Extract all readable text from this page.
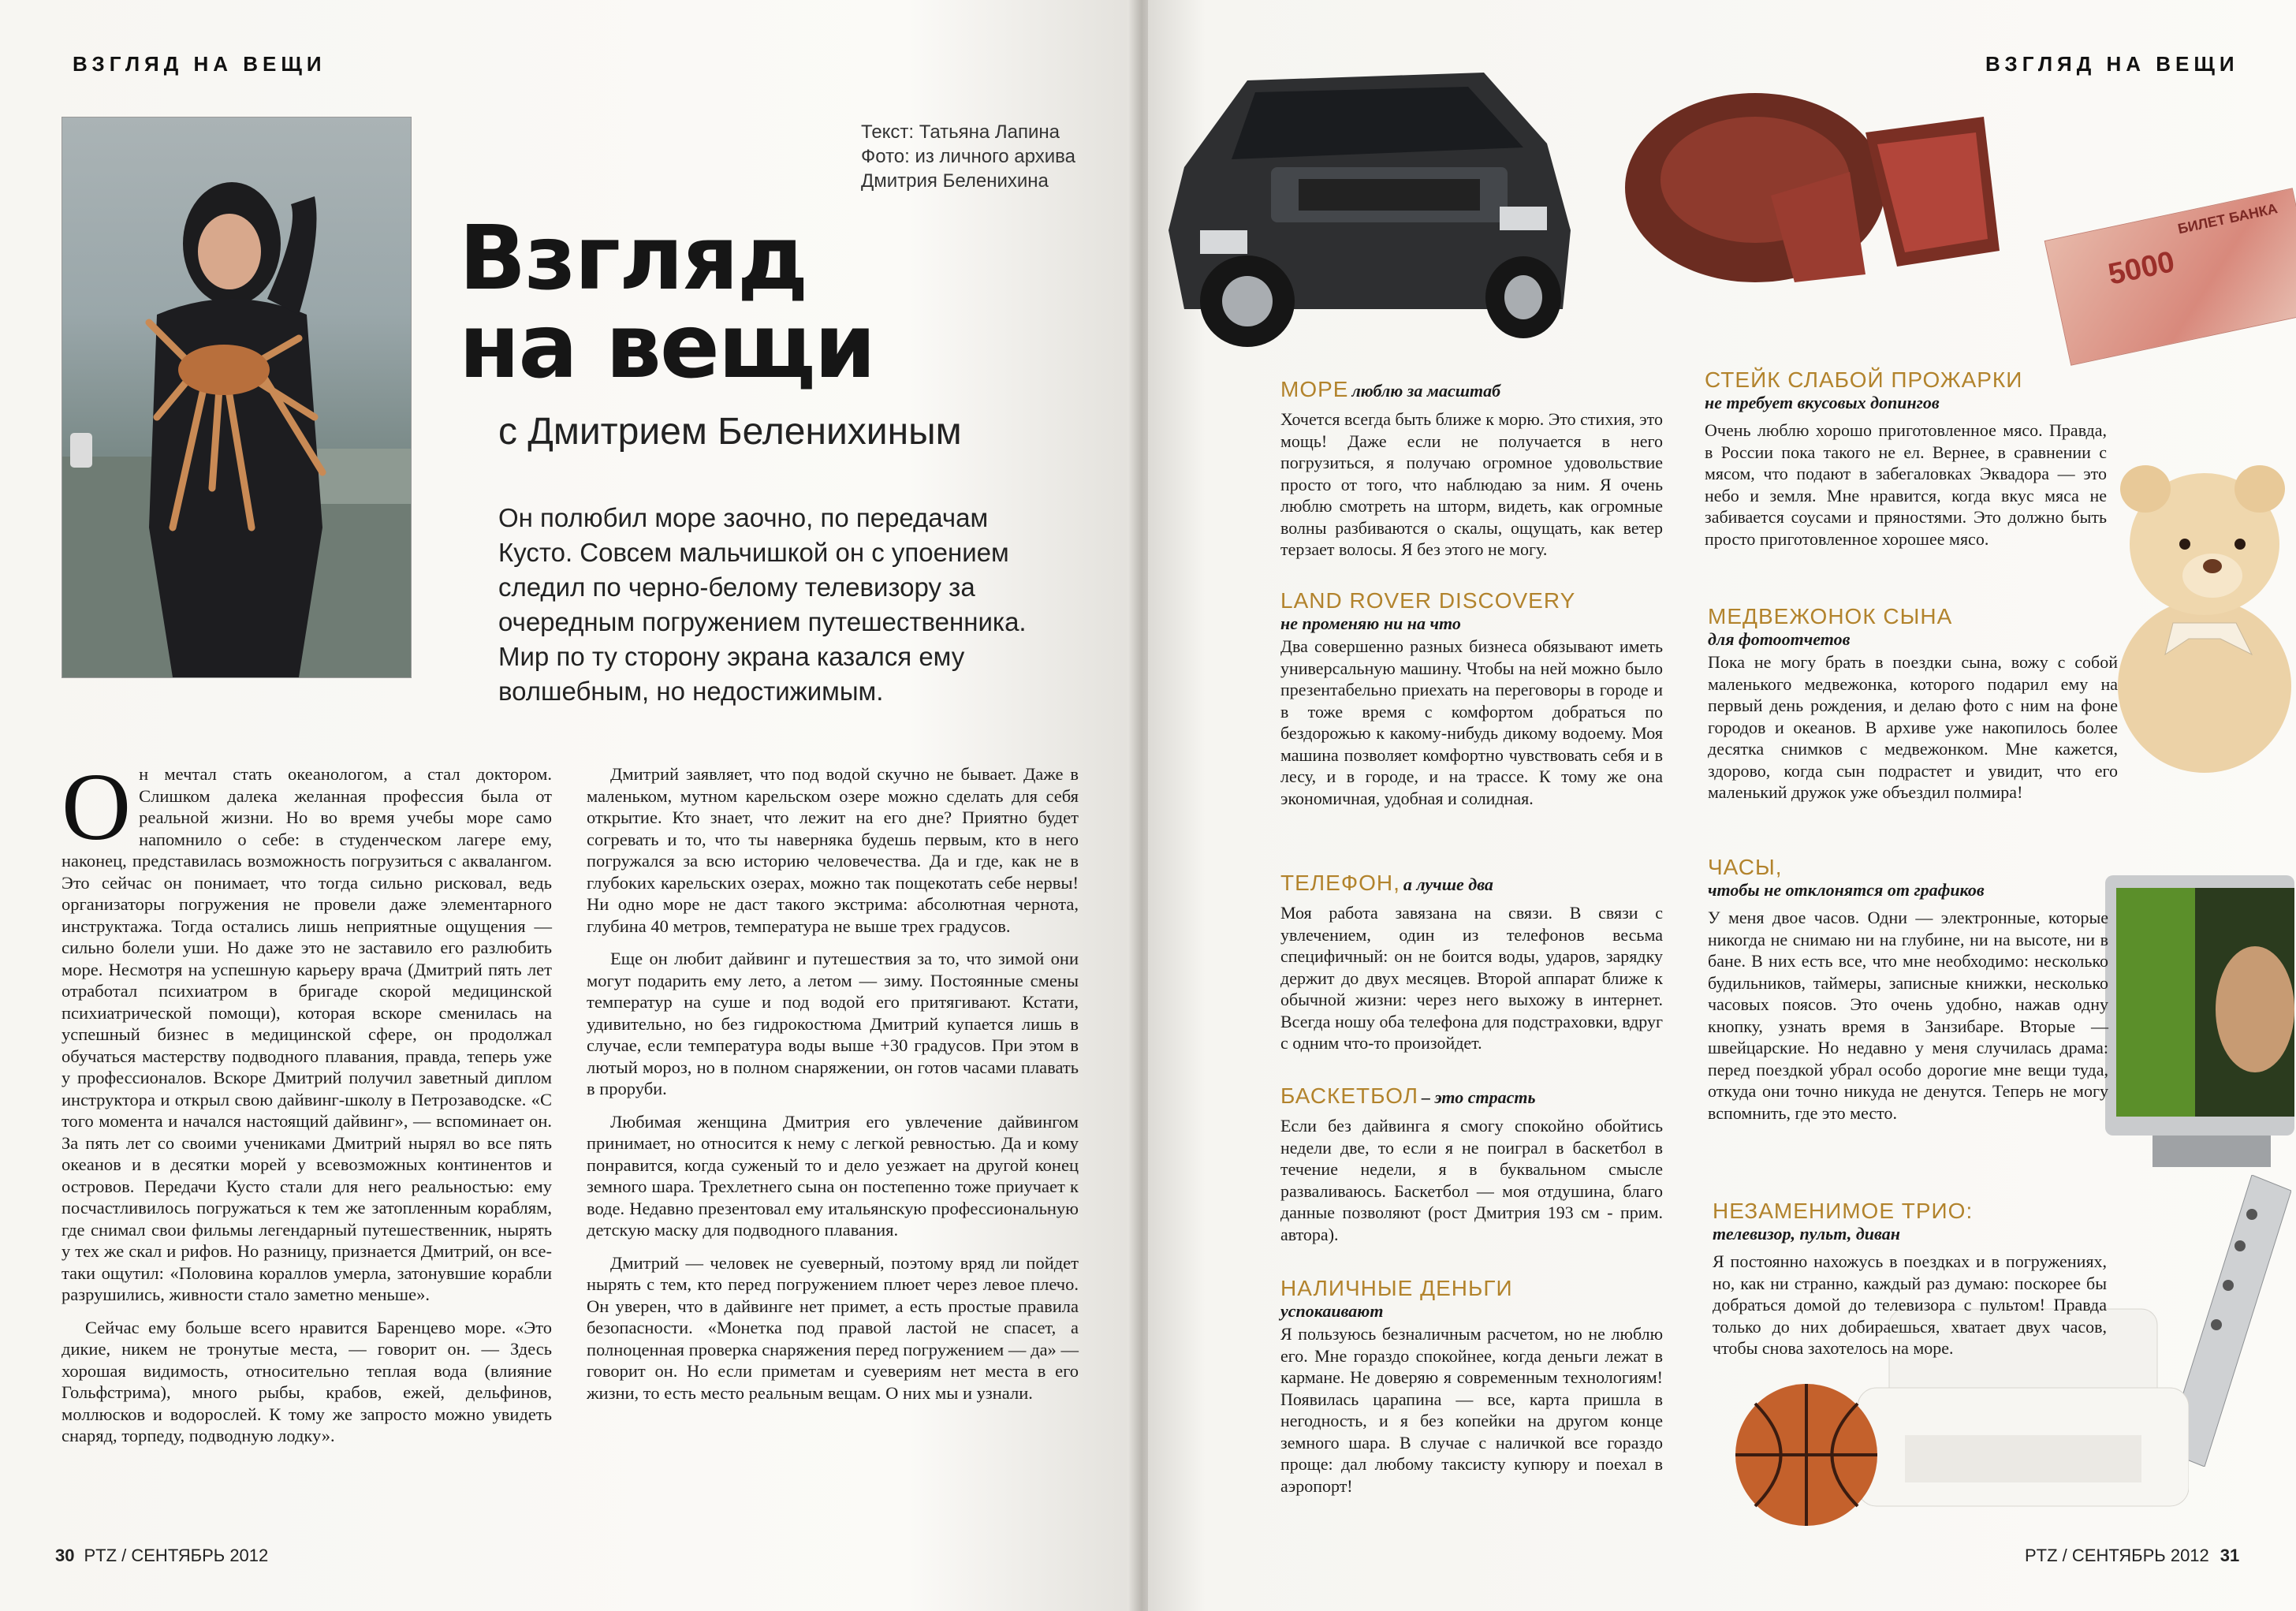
ВЗГЛЯД НА ВЕЩИ
Текст: Татьяна Лапина
Фото: из личного архива
Дмитрия Беленихина
Взгляд
на вещи
с Дмитрием Беленихиным
Он полюбил море заочно, по передачам Кусто. Совсем мальчишкой он с упоением следил по черно-белому телевизору за очередным погружением путешественника. Мир по ту сторону экрана казался ему волшебным, но недостижимым.

Он мечтал стать океанологом, а стал доктором. Слишком далека желанная профессия была от реальной жизни. Но во время учебы море само напомнило о себе: в студенческом лагере ему, наконец, представилась возможность погрузиться с аквалангом. Это сейчас он понимает, что тогда сильно рисковал, ведь организаторы погружения не провели даже элементарного инструктажа. Тогда остались лишь неприятные ощущения — сильно болели уши. Но даже это не заставило его разлюбить море. Несмотря на успешную карьеру врача (Дмитрий пять лет отработал психиатром в бригаде скорой медицинской психиатрической помощи), которая вскоре сменилась на успешный бизнес в медицинской сфере, он продолжал обучаться мастерству подводного плавания, правда, теперь уже у профессионалов. Вскоре Дмитрий получил заветный диплом инструктора и открыл свою дайвинг-школу в Петрозаводске. «С того момента и начался настоящий дайвинг», — вспоминает он. За пять лет со своими учениками Дмитрий нырял во все пять океанов и в десятки морей у всевозможных континентов и островов. Передачи Кусто стали для него реальностью: ему посчастливилось погружаться к тем же затопленным кораблям, где снимал свои фильмы легендарный путешественник, нырять у тех же скал и рифов. Но разницу, признается Дмитрий, он все-таки ощутил: «Половина кораллов умерла, затонувшие корабли разрушились, живности стало заметно меньше».

Сейчас ему больше всего нравится Баренцево море. «Это дикие, никем не тронутые места, — говорит он. — Здесь хорошая видимость, относительно теплая вода (влияние Гольфстрима), много рыбы, крабов, ежей, дельфинов, моллюсков и водорослей. К тому же запросто можно увидеть снаряд, торпеду, подводную лодку».

Дмитрий заявляет, что под водой скучно не бывает. Даже в маленьком, мутном карельском озере можно сделать для себя открытие. Кто знает, что лежит на его дне? Приятно будет согревать и то, что ты наверняка будешь первым, кто в него погружался за всю историю человечества. Да и где, как не в глубоких карельских озерах, можно так пощекотать себе нервы! Ни одно море не даст такого экстрима: абсолютная чернота, глубина 40 метров, температура не выше трех градусов.

Еще он любит дайвинг и путешествия за то, что зимой они могут подарить ему лето, а летом — зиму. Постоянные смены температур на суше и под водой его притягивают. Кстати, удивительно, но без гидрокостюма Дмитрий купается лишь в случае, если температура воды выше +30 градусов. При этом в лютый мороз, но в полном снаряжении, он готов часами плавать в проруби.

Любимая женщина Дмитрия его увлечение дайвингом принимает, но относится к нему с легкой ревностью. Да и кому понравится, когда суженый то и дело уезжает на другой конец земного шара. Трехлетнего сына он постепенно тоже приучает к воде. Недавно презентовал ему итальянскую профессиональную детскую маску для подводного плавания.

Дмитрий — человек не суеверный, поэтому вряд ли пойдет нырять с тем, кто перед погружением плюет через левое плечо. Он уверен, что в дайвинге нет примет, а есть простые правила безопасности. «Монетка под правой ластой не спасет, а полноценная проверка снаряжения перед погружением — да» — говорит он. Но если приметам и суевериям нет места в его жизни, то есть место реальным вещам. О них мы и узнали.

30 PTZ / СЕНТЯБРЬ 2012
ВЗГЛЯД НА ВЕЩИ
5000
БИЛЕТ БАНКА
МОРЕ люблю за масштаб
Хочется всегда быть ближе к морю. Это стихия, это мощь! Даже если не получается в него погрузиться, я получаю огромное удовольствие просто от того, что наблюдаю за ним. Я очень люблю смотреть на шторм, видеть, как огромные волны разбиваются о скалы, ощущать, как ветер терзает волосы. Я без этого не могу.
LAND ROVER DISCOVERY
не променяю ни на что
Два совершенно разных бизнеса обязывают иметь универсальную машину. Чтобы на ней можно было презентабельно приехать на переговоры в городе и в тоже время с комфортом добраться по бездорожью к какому-нибудь дикому водоему. Моя машина позволяет комфортно чувствовать себя и в лесу, и в городе, и на трассе. К тому же она экономичная, удобная и солидная.
ТЕЛЕФОН, а лучше два
Моя работа завязана на связи. В связи с увлечением, один из телефонов весьма специфичный: он не боится воды, ударов, зарядку держит до двух месяцев. Второй аппарат ближе к обычной жизни: через него выхожу в интернет. Всегда ношу оба телефона для подстраховки, вдруг с одним что-то произойдет.
БАСКЕТБОЛ – это страсть
Если без дайвинга я смогу спокойно обойтись недели две, то если я не поиграл в баскетбол в течение недели, я в буквальном смысле разваливаюсь. Баскетбол — моя отдушина, благо данные позволяют (рост Дмитрия 193 см - прим. автора).
НАЛИЧНЫЕ ДЕНЬГИ
успокаивают
Я пользуюсь безналичным расчетом, но не люблю его. Мне гораздо спокойнее, когда деньги лежат в кармане. Не доверяю я современным технологиям! Появилась царапина — все, карта пришла в негодность, и я без копейки на другом конце земного шара. В случае с наличкой все гораздо проще: дал любому таксисту купюру и поехал в аэропорт!
СТЕЙК СЛАБОЙ ПРОЖАРКИ
не требует вкусовых допингов
Очень люблю хорошо приготовленное мясо. Правда, в России пока такого не ел. Вернее, в сравнении с мясом, что подают в забегаловках Эквадора — это небо и земля. Мне нравится, когда вкус мяса не забивается соусами и пряностями. Это должно быть просто приготовленное хорошее мясо.
МЕДВЕЖОНОК СЫНА
для фотоотчетов
Пока не могу брать в поездки сына, вожу с собой маленького медвежонка, которого подарил ему на первый день рождения, и делаю фото с ним на фоне городов и океанов. В архиве уже накопилось более десятка снимков с медвежонком. Мне кажется, здорово, когда сын подрастет и увидит, что его маленький дружок уже объездил полмира!
ЧАСЫ,
чтобы не отклонятся от графиков
У меня двое часов. Одни — электронные, которые никогда не снимаю ни на глубине, ни на высоте, ни в бане. В них есть все, что мне необходимо: несколько будильников, таймеры, записные книжки, несколько часовых поясов. Это очень удобно, нажав одну кнопку, узнать время в Занзибаре. Вторые — швейцарские. Но недавно у меня случилась драма: перед поездкой убрал особо дорогие мне вещи туда, откуда они точно никуда не денутся. Теперь не могу вспомнить, где это место.
НЕЗАМЕНИМОЕ ТРИО:
телевизор, пульт, диван
Я постоянно нахожусь в поездках и в погружениях, но, как ни странно, каждый раз думаю: поскорее бы добраться домой до телевизора с пультом! Правда только до них добираешься, хватает двух часов, чтобы снова захотелось на море.
PTZ / СЕНТЯБРЬ 2012 31
